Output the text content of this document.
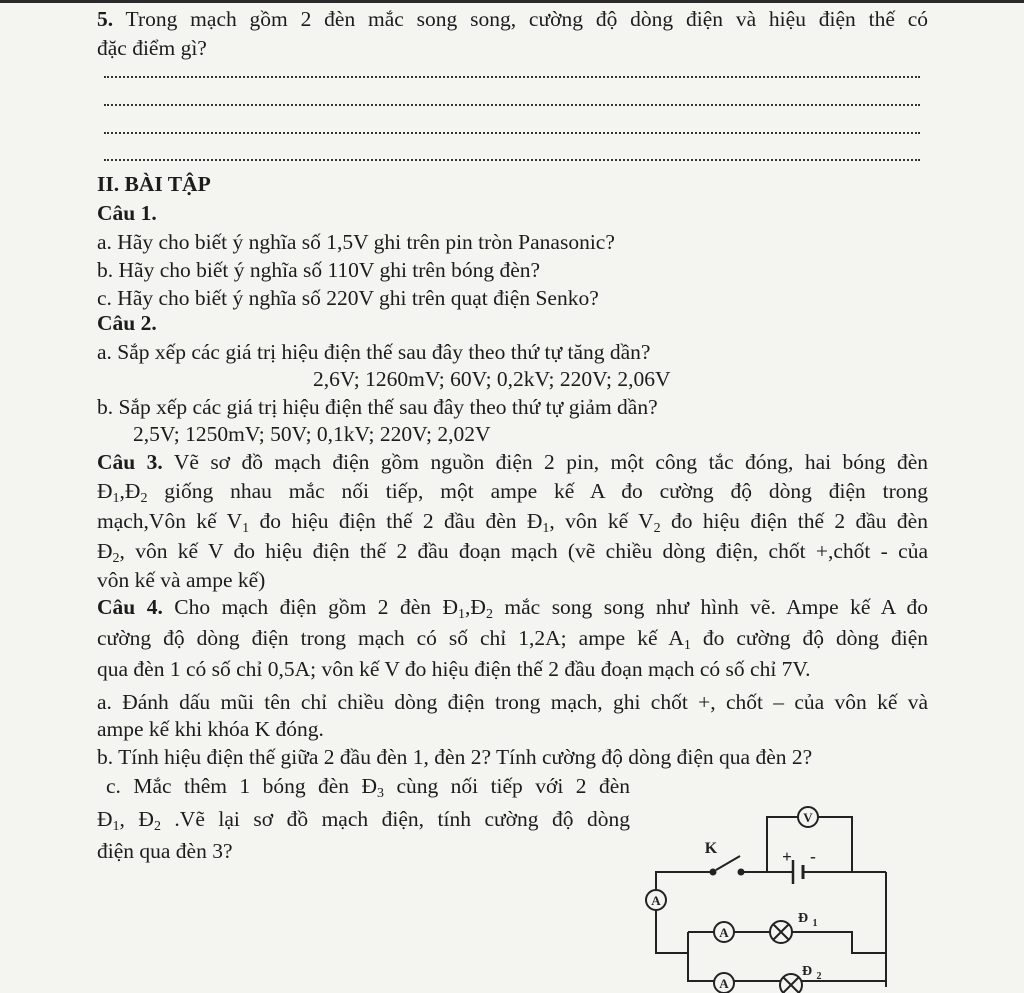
5. Trong mạch gồm 2 đèn mắc song song, cường độ dòng điện và hiệu điện thế có
đặc điểm gì?
II. BÀI TẬP
Câu 1.
a. Hãy cho biết ý nghĩa số 1,5V ghi trên pin tròn Panasonic?
b. Hãy cho biết ý nghĩa số 110V ghi trên bóng đèn?
c. Hãy cho biết ý nghĩa số 220V ghi trên quạt điện Senko?
Câu 2.
a. Sắp xếp các giá trị hiệu điện thế sau đây theo thứ tự tăng dần?
2,6V; 1260mV; 60V; 0,2kV; 220V; 2,06V
b. Sắp xếp các giá trị hiệu điện thế sau đây theo thứ tự giảm dần?
2,5V; 1250mV; 50V; 0,1kV; 220V; 2,02V
Câu 3. Vẽ sơ đồ mạch điện gồm nguồn điện 2 pin, một công tắc đóng, hai bóng đèn
$Đ_1,Đ_2$ giống nhau mắc nối tiếp, một ampe kế A đo cường độ dòng điện trong
mạch,Vôn kế $V_1$ đo hiệu điện thế 2 đầu đèn $Đ_1$, vôn kế $V_2$ đo hiệu điện thế 2 đầu đèn
$Đ_2$, vôn kế V đo hiệu điện thế 2 đầu đoạn mạch (vẽ chiều dòng điện, chốt +,chốt - của
vôn kế và ampe kế)
Câu 4. Cho mạch điện gồm 2 đèn $Đ_1,Đ_2$ mắc song song như hình vẽ. Ampe kế A đo
cường độ dòng điện trong mạch có số chỉ 1,2A; ampe kế $A_1$ đo cường độ dòng điện
qua đèn 1 có số chỉ 0,5A; vôn kế V đo hiệu điện thế 2 đầu đoạn mạch có số chỉ 7V.
a. Đánh dấu mũi tên chỉ chiều dòng điện trong mạch, ghi chốt +, chốt – của vôn kế và
ampe kế khi khóa K đóng.
b. Tính hiệu điện thế giữa 2 đầu đèn 1, đèn 2? Tính cường độ dòng điện qua đèn 2?
c. Mắc thêm 1 bóng đèn $Đ_3$ cùng nối tiếp với 2 đèn
$Đ_1$, $Đ_2$ .Vẽ lại sơ đồ mạch điện, tính cường độ dòng
điện qua đèn 3?	K
V
A
A
A
+ -
Đ 1
Đ 2
